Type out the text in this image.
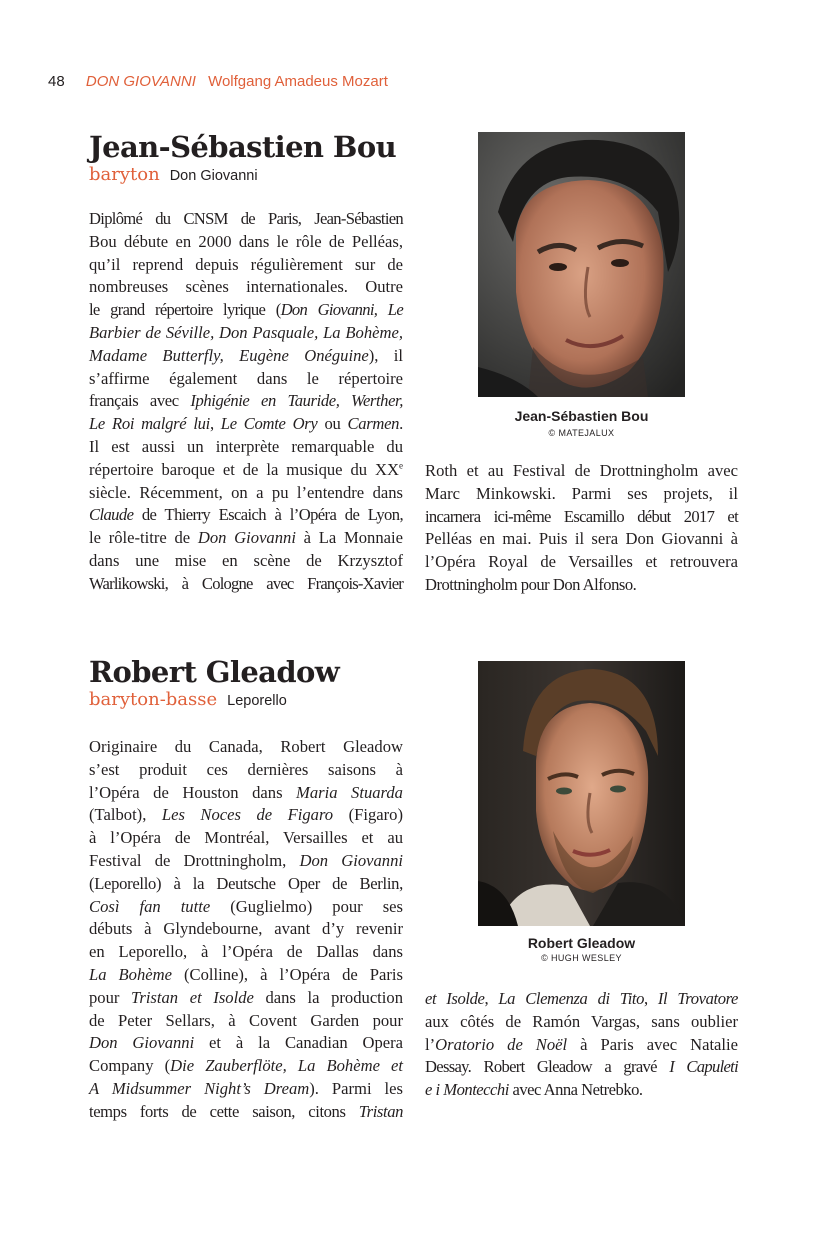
48 DON GIOVANNI Wolfgang Amadeus Mozart
Jean-Sébastien Bou
baryton Don Giovanni
Diplômé du CNSM de Paris, Jean-Sébastien
Bou débute en 2000 dans le rôle de Pelléas,
qu’il reprend depuis régulièrement sur de
nombreuses scènes internationales. Outre
le grand répertoire lyrique (Don Giovanni, Le
Barbier de Séville, Don Pasquale, La Bohème,
Madame Butterfly, Eugène Onéguine), il
s’affirme également dans le répertoire
français avec Iphigénie en Tauride, Werther,
Le Roi malgré lui, Le Comte Ory ou Carmen.
Il est aussi un interprète remarquable du
répertoire baroque et de la musique du XXe
siècle. Récemment, on a pu l’entendre dans
Claude de Thierry Escaich à l’Opéra de Lyon,
le rôle-titre de Don Giovanni à La Monnaie
dans une mise en scène de Krzysztof
Warlikowski, à Cologne avec François-Xavier
Jean-Sébastien Bou
© MATEJALUX
Roth et au Festival de Drottningholm avec
Marc Minkowski. Parmi ses projets, il
incarnera ici-même Escamillo début 2017 et
Pelléas en mai. Puis il sera Don Giovanni à
l’Opéra Royal de Versailles et retrouvera
Drottningholm pour Don Alfonso.
Robert Gleadow
baryton-basse Leporello
Originaire du Canada, Robert Gleadow
s’est produit ces dernières saisons à
l’Opéra de Houston dans Maria Stuarda
(Talbot), Les Noces de Figaro (Figaro)
à l’Opéra de Montréal, Versailles et au
Festival de Drottningholm, Don Giovanni
(Leporello) à la Deutsche Oper de Berlin,
Così fan tutte (Guglielmo) pour ses
débuts à Glyndebourne, avant d’y revenir
en Leporello, à l’Opéra de Dallas dans
La Bohème (Colline), à l’Opéra de Paris
pour Tristan et Isolde dans la production
de Peter Sellars, à Covent Garden pour
Don Giovanni et à la Canadian Opera
Company (Die Zauberflöte, La Bohème et
A Midsummer Night’s Dream). Parmi les
temps forts de cette saison, citons Tristan
Robert Gleadow
© HUGH WESLEY
et Isolde, La Clemenza di Tito, Il Trovatore
aux côtés de Ramón Vargas, sans oublier
l’Oratorio de Noël à Paris avec Natalie
Dessay. Robert Gleadow a gravé I Capuleti
e i Montecchi avec Anna Netrebko.
